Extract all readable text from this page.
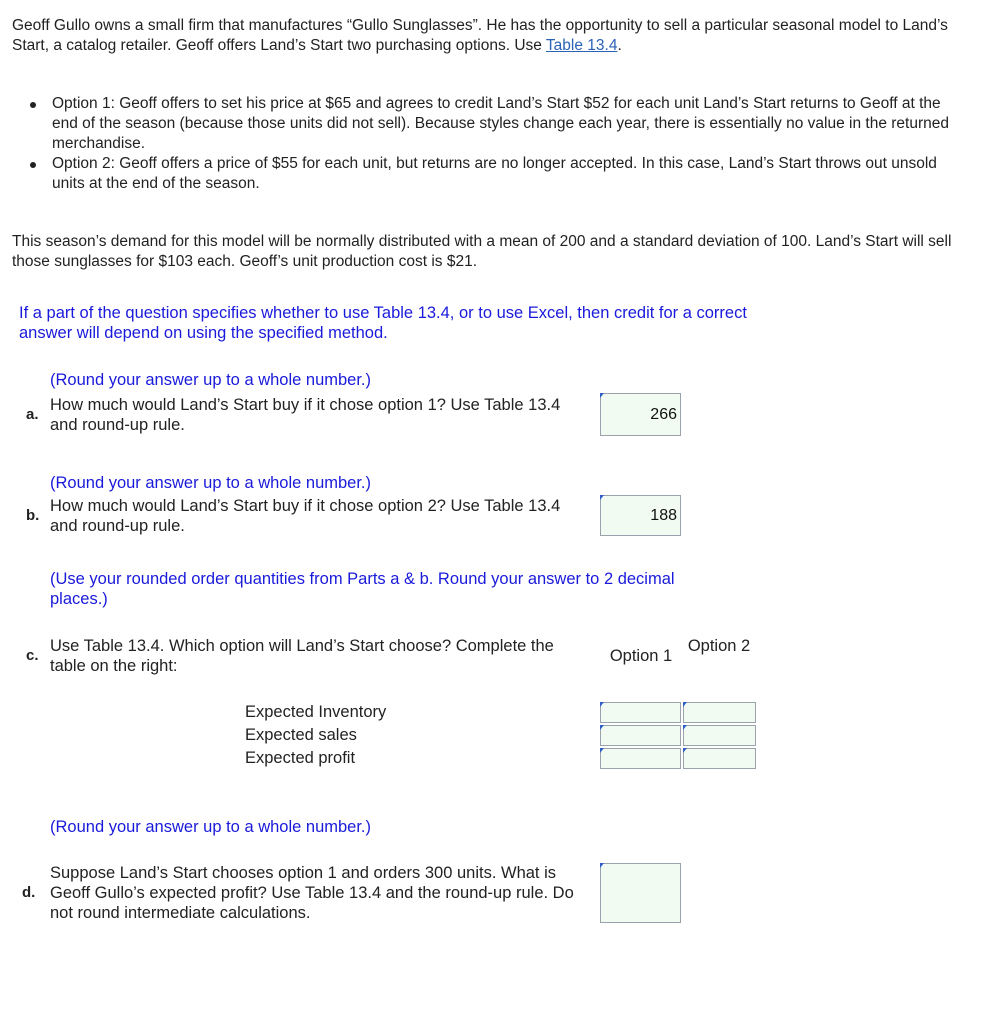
Geoff Gullo owns a small firm that manufactures “Gullo Sunglasses”. He has the opportunity to sell a particular seasonal model to Land’s Start, a catalog retailer. Geoff offers Land’s Start two purchasing options. Use Table 13.4.
Option 1: Geoff offers to set his price at $65 and agrees to credit Land’s Start $52 for each unit Land’s Start returns to Geoff at the end of the season (because those units did not sell). Because styles change each year, there is essentially no value in the returned merchandise.
Option 2: Geoff offers a price of $55 for each unit, but returns are no longer accepted. In this case, Land’s Start throws out unsold units at the end of the season.
This season’s demand for this model will be normally distributed with a mean of 200 and a standard deviation of 100. Land’s Start will sell those sunglasses for $103 each. Geoff’s unit production cost is $21.
If a part of the question specifies whether to use Table 13.4, or to use Excel, then credit for a correct answer will depend on using the specified method.
(Round your answer up to a whole number.)
a.
How much would Land’s Start buy if it chose option 1? Use Table 13.4 and round-up rule.
266
(Round your answer up to a whole number.)
b.
How much would Land’s Start buy if it chose option 2? Use Table 13.4 and round-up rule.
188
(Use your rounded order quantities from Parts a & b. Round your answer to 2 decimal places.)
c.
Use Table 13.4. Which option will Land’s Start choose? Complete the table on the right:
Option 1
Option 2
Expected Inventory
Expected sales
Expected profit
(Round your answer up to a whole number.)
d.
Suppose Land’s Start chooses option 1 and orders 300 units. What is Geoff Gullo’s expected profit? Use Table 13.4 and the round-up rule. Do not round intermediate calculations.
